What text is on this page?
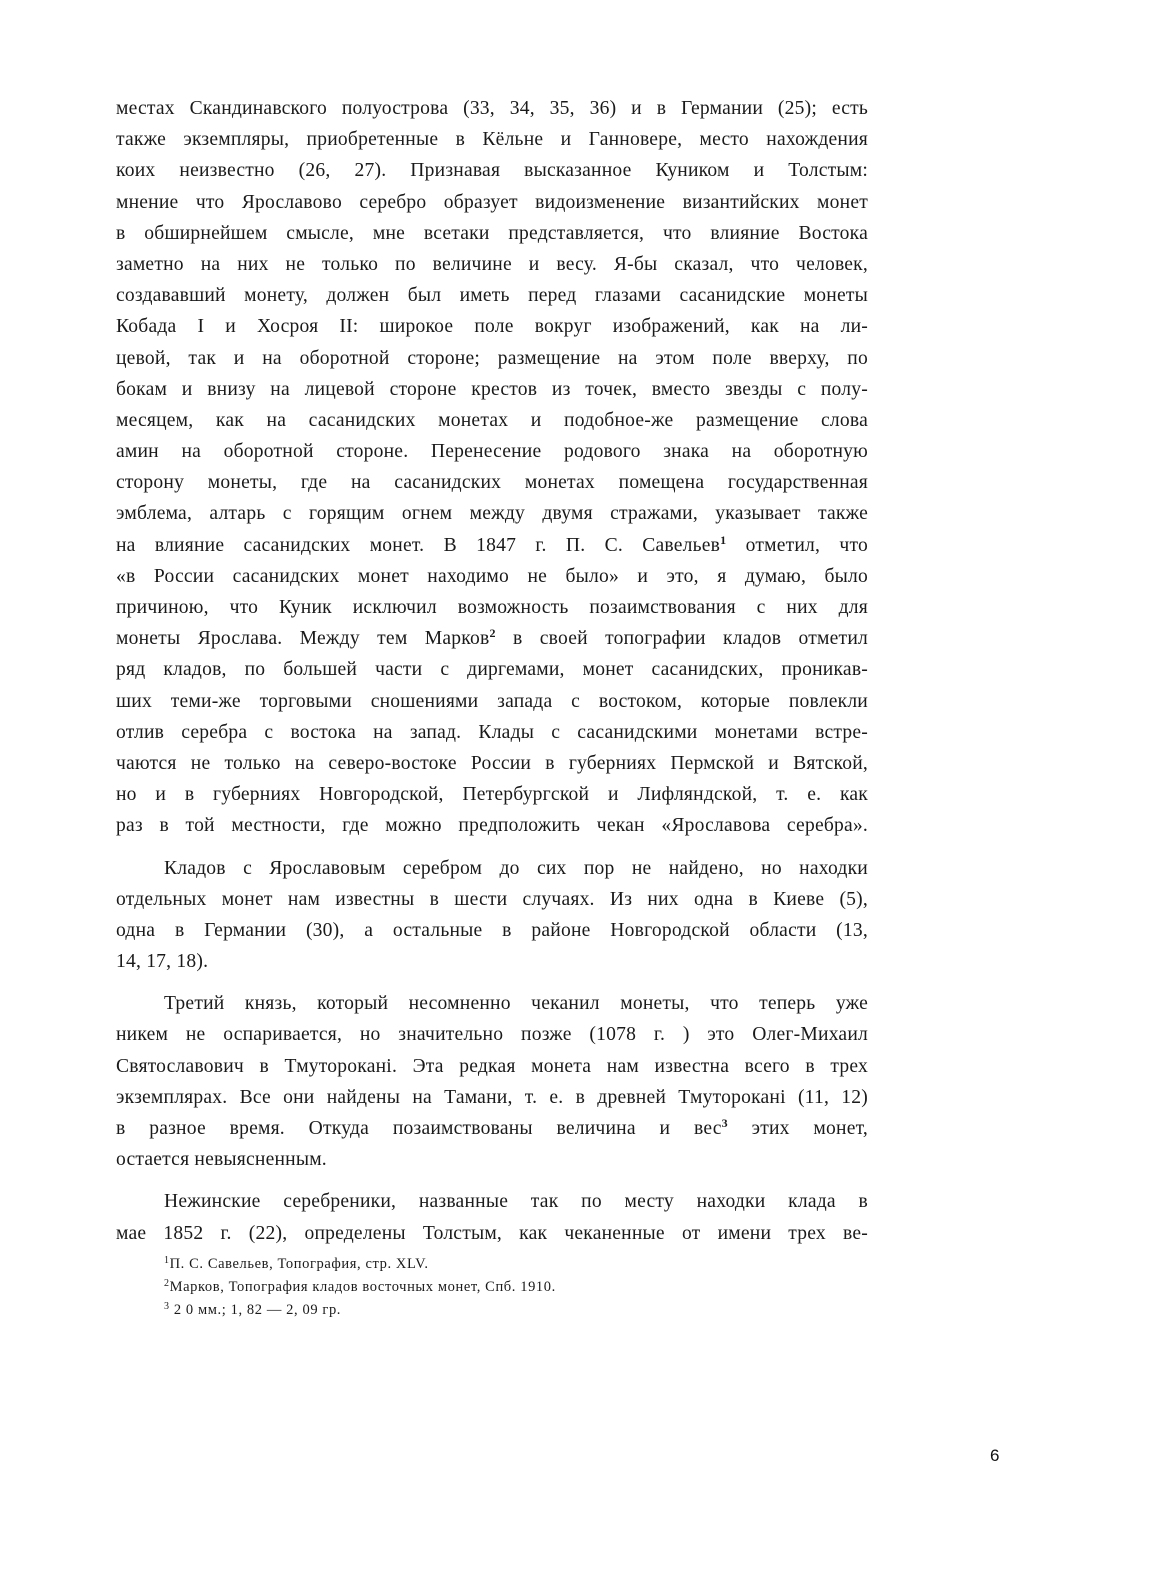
местах Скандинавского полуострова (33, 34, 35, 36) и в Германии (25); есть
также экземпляры, приобретенные в Кёльне и Ганновере, место нахождения
коих неизвестно (26, 27). Признавая высказанное Куником и Толстым:
мнение что Ярославово серебро образует видоизменение византийских монет
в обширнейшем смысле, мне всетаки представляется, что влияние Востока
заметно на них не только по величине и весу. Я-бы сказал, что человек,
создававший монету, должен был иметь перед глазами сасанидские монеты
Кобада I и Хосроя II: широкое поле вокруг изображений, как на ли-
цевой, так и на оборотной стороне; размещение на этом поле вверху, по
бокам и внизу на лицевой стороне крестов из точек, вместо звезды с полу-
месяцем, как на сасанидских монетах и подобное-же размещение слова
амин на оборотной стороне. Перенесение родового знака на оборотную
сторону монеты, где на сасанидских монетах помещена государственная
эмблема, алтарь с горящим огнем между двумя стражами, указывает также
на влияние сасанидских монет. В 1847 г. П. С. Савельев$^1$ отметил, что
«в России сасанидских монет находимо не было» и это, я думаю, было
причиною, что Куник исключил возможность позаимствования с них для
монеты Ярослава. Между тем Марков$^2$ в своей топографии кладов отметил
ряд кладов, по большей части с диргемами, монет сасанидских, проникав-
ших теми-же торговыми сношениями запада с востоком, которые повлекли
отлив серебра с востока на запад. Клады с сасанидскими монетами встре-
чаются не только на северо-востоке России в губерниях Пермской и Вятской,
но и в губерниях Новгородской, Петербургской и Лифляндской, т. е. как
раз в той местности, где можно предположить чекан «Ярославова серебра».
Кладов с Ярославовым серебром до сих пор не найдено, но находки
отдельных монет нам известны в шести случаях. Из них одна в Киеве (5),
одна в Германии (30), а остальные в районе Новгородской области (13,
14, 17, 18).
Третий князь, который несомненно чеканил монеты, что теперь уже
никем не оспаривается, но значительно позже (1078 г. ) это Олег-Михаил
Святославович в Тмутороканi. Эта редкая монета нам известна всего в трех
экземплярах. Все они найдены на Тамани, т. е. в древней Тмутороканi (11, 12)
в разное время. Откуда позаимствованы величина и вес$^3$ этих монет,
остается невыясненным.
Нежинские серебреники, названные так по месту находки клада в
мае 1852 г. (22), определены Толстым, как чеканенные от имени трех ве-
$^1$П. С. Савельев, Топография, стр. XLV.
$^2$Марков, Топография кладов восточных монет, Спб. 1910.
$^3$ 2 0 мм.; 1, 82 — 2, 09 гр.
6
